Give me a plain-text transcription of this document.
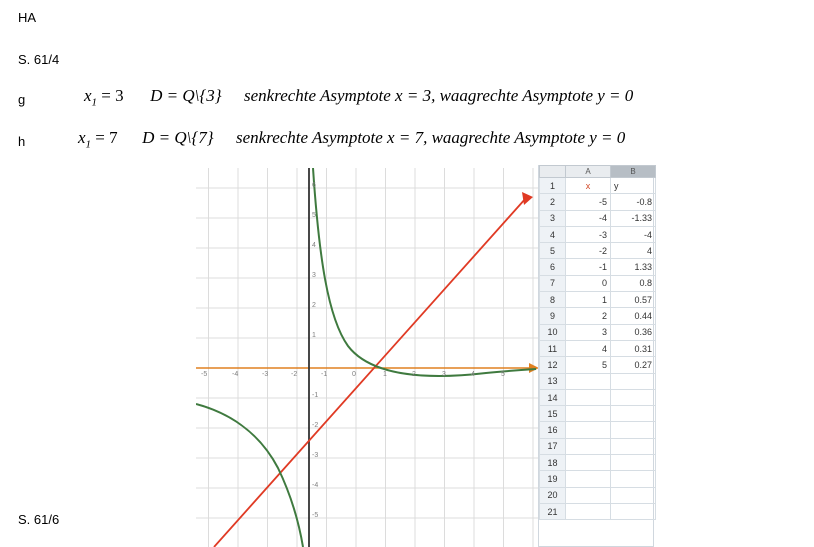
HA
S. 61/4
g	$x_1 = 3$ D = Q\{3} senkrechte Asymptote x = 3, waagrechte Asymptote y = 0
h	$x_1 = 7$ D = Q\{7} senkrechte Asymptote x = 7, waagrechte Asymptote y = 0
S. 61/6
-5	-4	-3	-2	-1	0	1	2	3	4	5
-5
-4
-3
-2
-1
1
2
3
4
5
6
	A	B
1	x	y
2	-5	-0.8
3	-4	-1.33
4	-3	-4
5	-2	4
6	-1	1.33
7	0	0.8
8	1	0.57
9	2	0.44
10	3	0.36
11	4	0.31
12	5	0.27
13		
14		
15		
16		
17		
18		
19		
20		
21		
